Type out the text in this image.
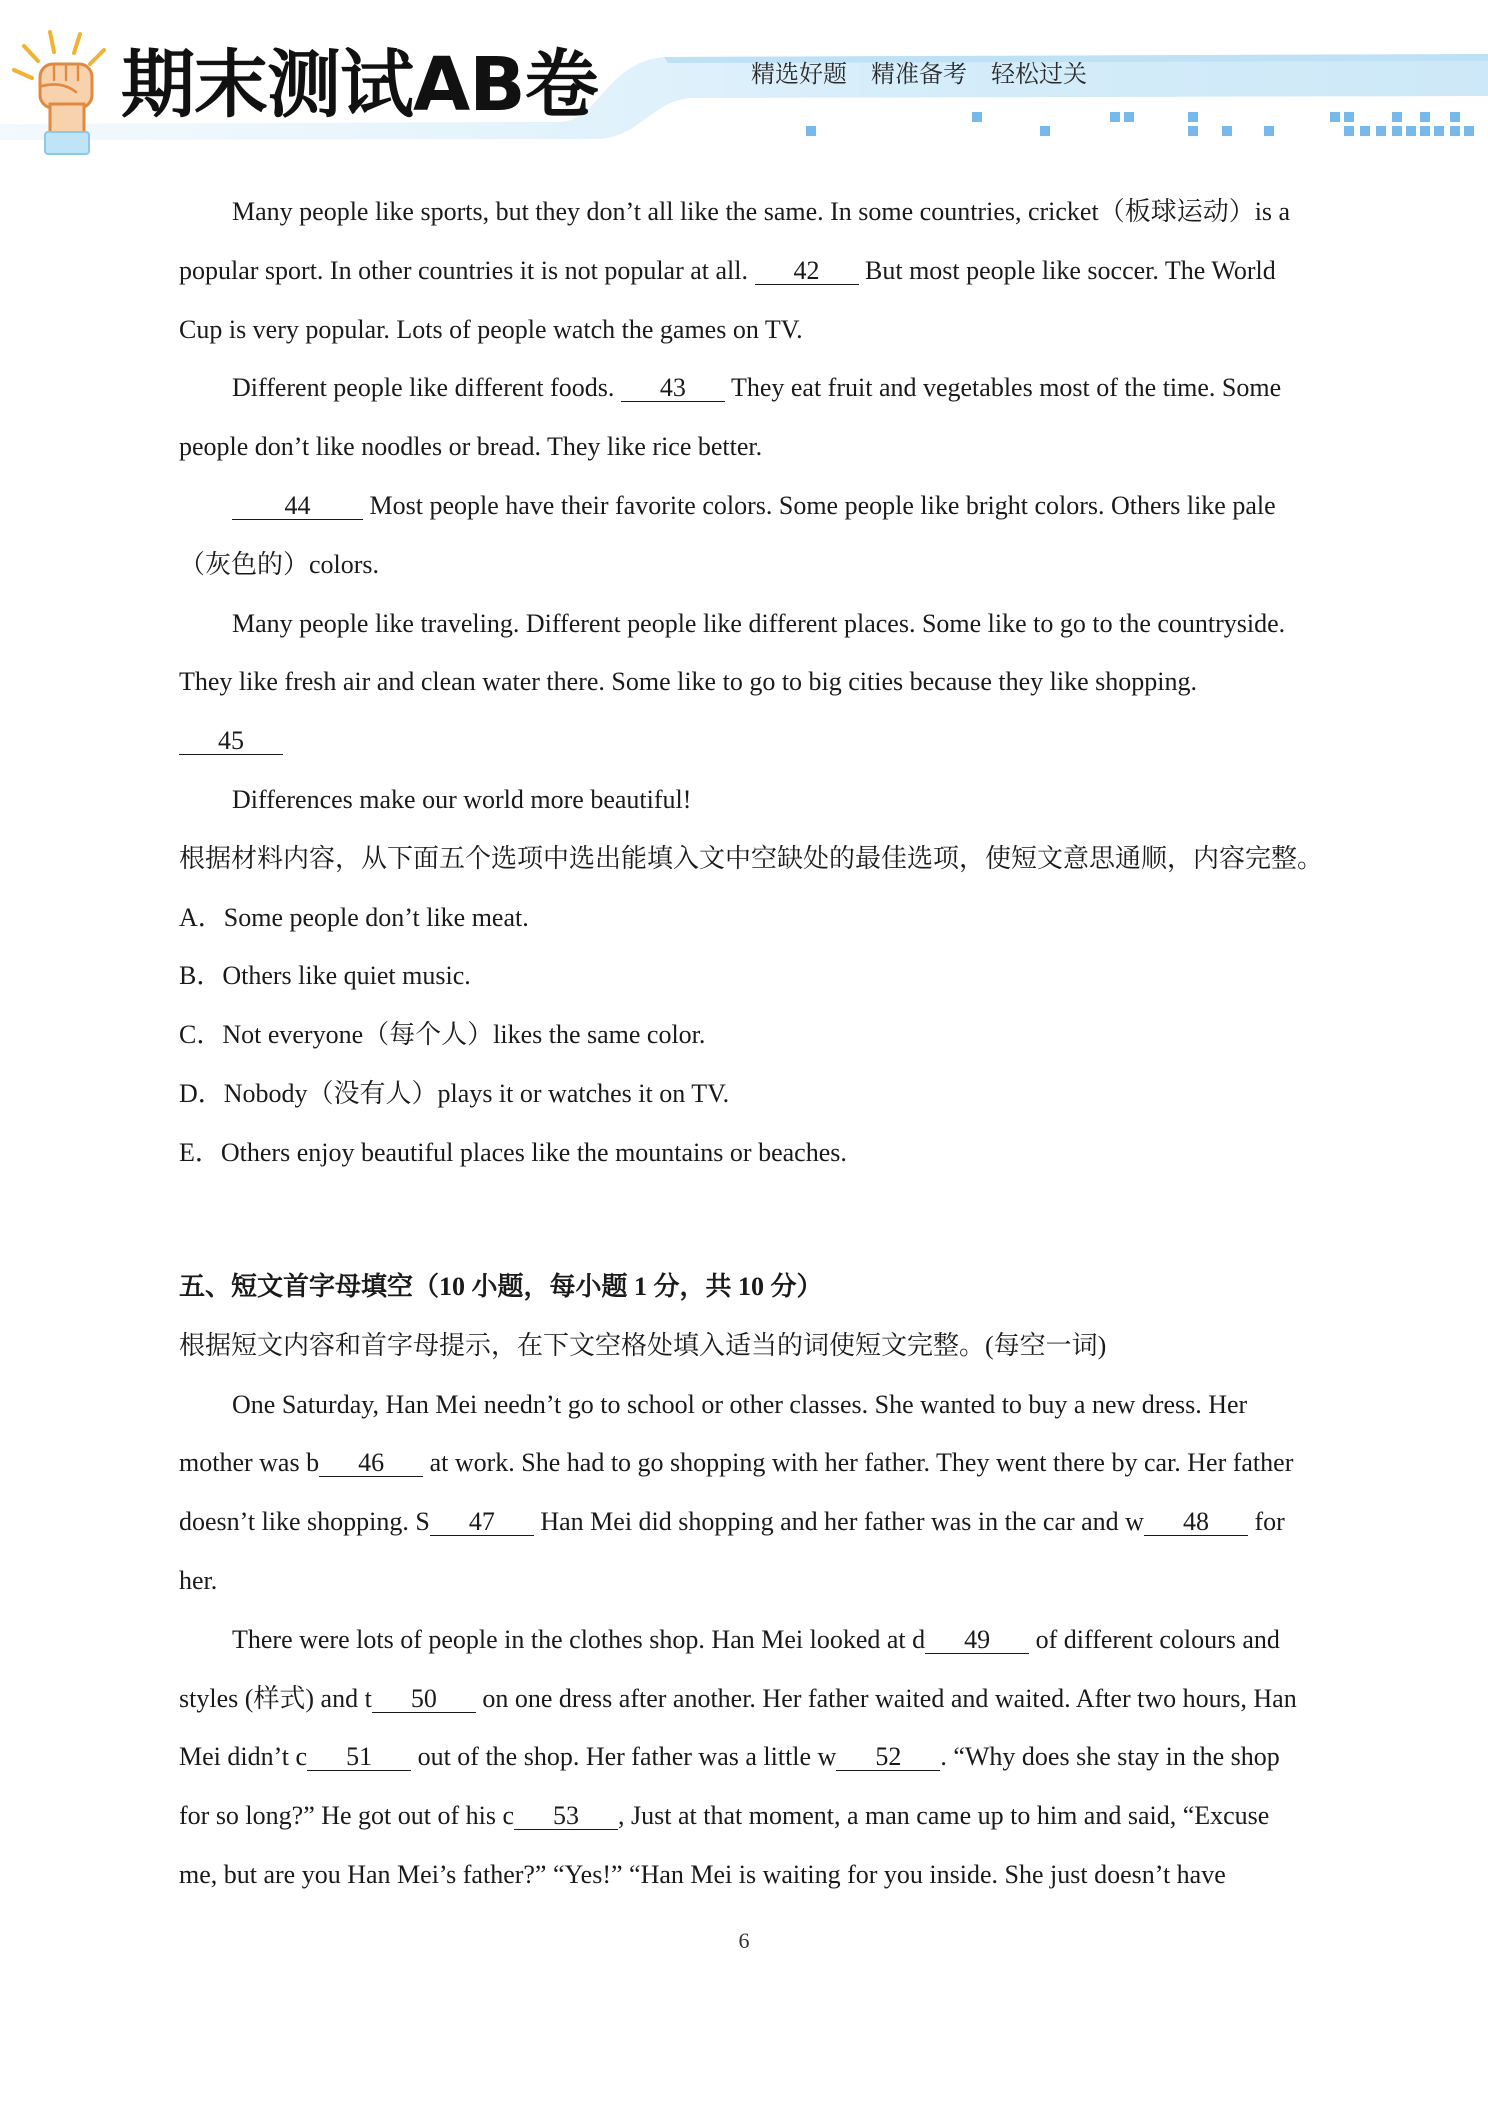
期末测试AB卷	精选好题 精准备考 轻松过关
Many people like sports, but they don’t all like the same. In some countries, cricket（板球运动）is a
popular sport. In other countries it is not popular at all. 42 But most people like soccer. The World
Cup is very popular. Lots of people watch the games on TV.
Different people like different foods. 43 They eat fruit and vegetables most of the time. Some
people don’t like noodles or bread. They like rice better.
44 Most people have their favorite colors. Some people like bright colors. Others like pale
（灰色的）colors.
Many people like traveling. Different people like different places. Some like to go to the countryside.
They like fresh air and clean water there. Some like to go to big cities because they like shopping.
45
Differences make our world more beautiful!
根据材料内容，从下面五个选项中选出能填入文中空缺处的最佳选项，使短文意思通顺，内容完整。
A．Some people don’t like meat.
B．Others like quiet music.
C．Not everyone（每个人）likes the same color.
D．Nobody（没有人）plays it or watches it on TV.
E．Others enjoy beautiful places like the mountains or beaches.
五、短文首字母填空（10 小题，每小题 1 分，共 10 分）
根据短文内容和首字母提示，在下文空格处填入适当的词使短文完整。(每空一词)
One Saturday, Han Mei needn’t go to school or other classes. She wanted to buy a new dress. Her
mother was b 46 at work. She had to go shopping with her father. They went there by car. Her father
doesn’t like shopping. S 47 Han Mei did shopping and her father was in the car and w 48 for
her.
There were lots of people in the clothes shop. Han Mei looked at d 49 of different colours and
styles (样式) and t 50 on one dress after another. Her father waited and waited. After two hours, Han
Mei didn’t c 51 out of the shop. Her father was a little w 52 . “Why does she stay in the shop
for so long?” He got out of his c 53 , Just at that moment, a man came up to him and said, “Excuse
me, but are you Han Mei’s father?” “Yes!” “Han Mei is waiting for you inside. She just doesn’t have
6
